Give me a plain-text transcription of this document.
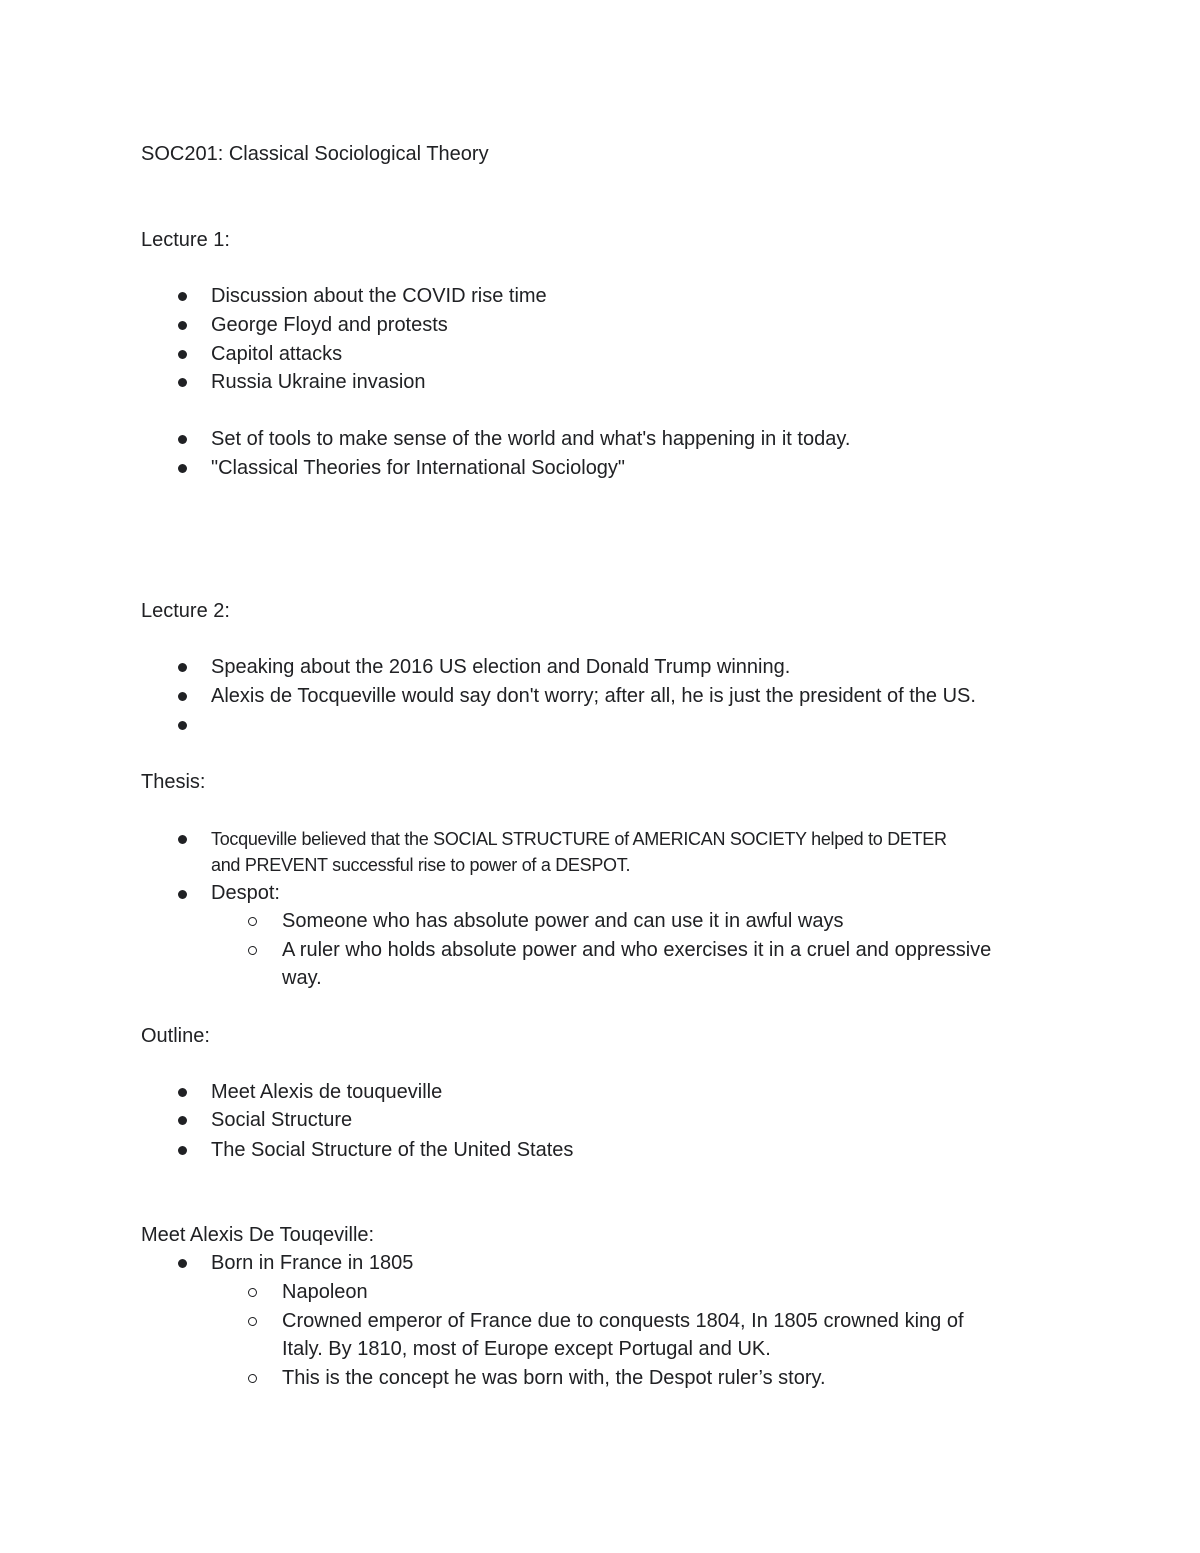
SOC201: Classical Sociological Theory
Lecture 1:
Discussion about the COVID rise time
George Floyd and protests
Capitol attacks
Russia Ukraine invasion
Set of tools to make sense of the world and what's happening in it today.
"Classical Theories for International Sociology"
Lecture 2:
Speaking about the 2016 US election and Donald Trump winning.
Alexis de Tocqueville would say don't worry; after all, he is just the president of the US.
Thesis:
Tocqueville believed that the SOCIAL STRUCTURE of AMERICAN SOCIETY helped to DETER
and PREVENT successful rise to power of a DESPOT.
Despot:
Someone who has absolute power and can use it in awful ways
A ruler who holds absolute power and who exercises it in a cruel and oppressive
way.
Outline:
Meet Alexis de touqueville
Social Structure
The Social Structure of the United States
Meet Alexis De Touqeville:
Born in France in 1805
Napoleon
Crowned emperor of France due to conquests 1804, In 1805 crowned king of
Italy. By 1810, most of Europe except Portugal and UK.
This is the concept he was born with, the Despot ruler’s story.
